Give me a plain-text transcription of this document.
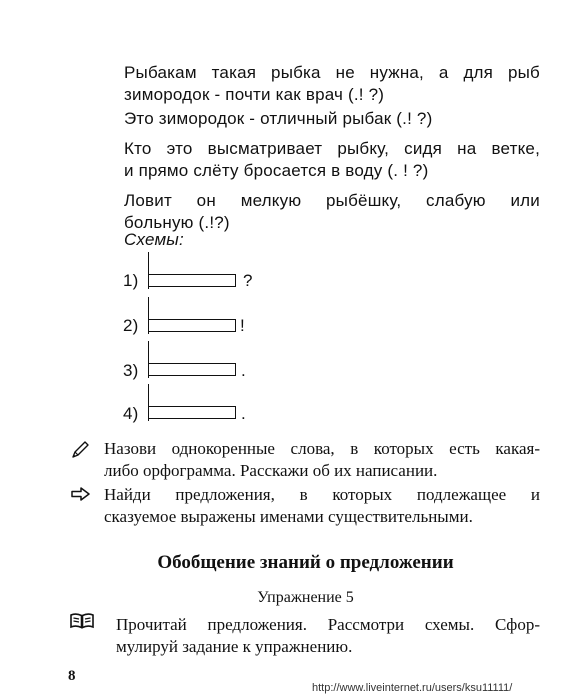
Рыбакам такая рыбка не нужна, а для рыб
зимородок - почти как врач (.! ?)
Это зимородок - отличный рыбак (.! ?)
Кто это высматривает рыбку, сидя на ветке,
и прямо слёту бросается в воду (. ! ?)
Ловит он мелкую рыбёшку, слабую или
больную (.!?)
Схемы:
1)	?
2)	!
3)	.
4)	.
Назови однокоренные слова, в которых есть какая-
либо орфограмма. Расскажи об их написании.
Найди предложения, в которых подлежащее и
сказуемое выражены именами существительными.
Обобщение знаний о предложении
Упражнение 5
Прочитай предложения. Рассмотри схемы. Сфор-
мулируй задание к упражнению.
8
http://www.liveinternet.ru/users/ksu11111/
